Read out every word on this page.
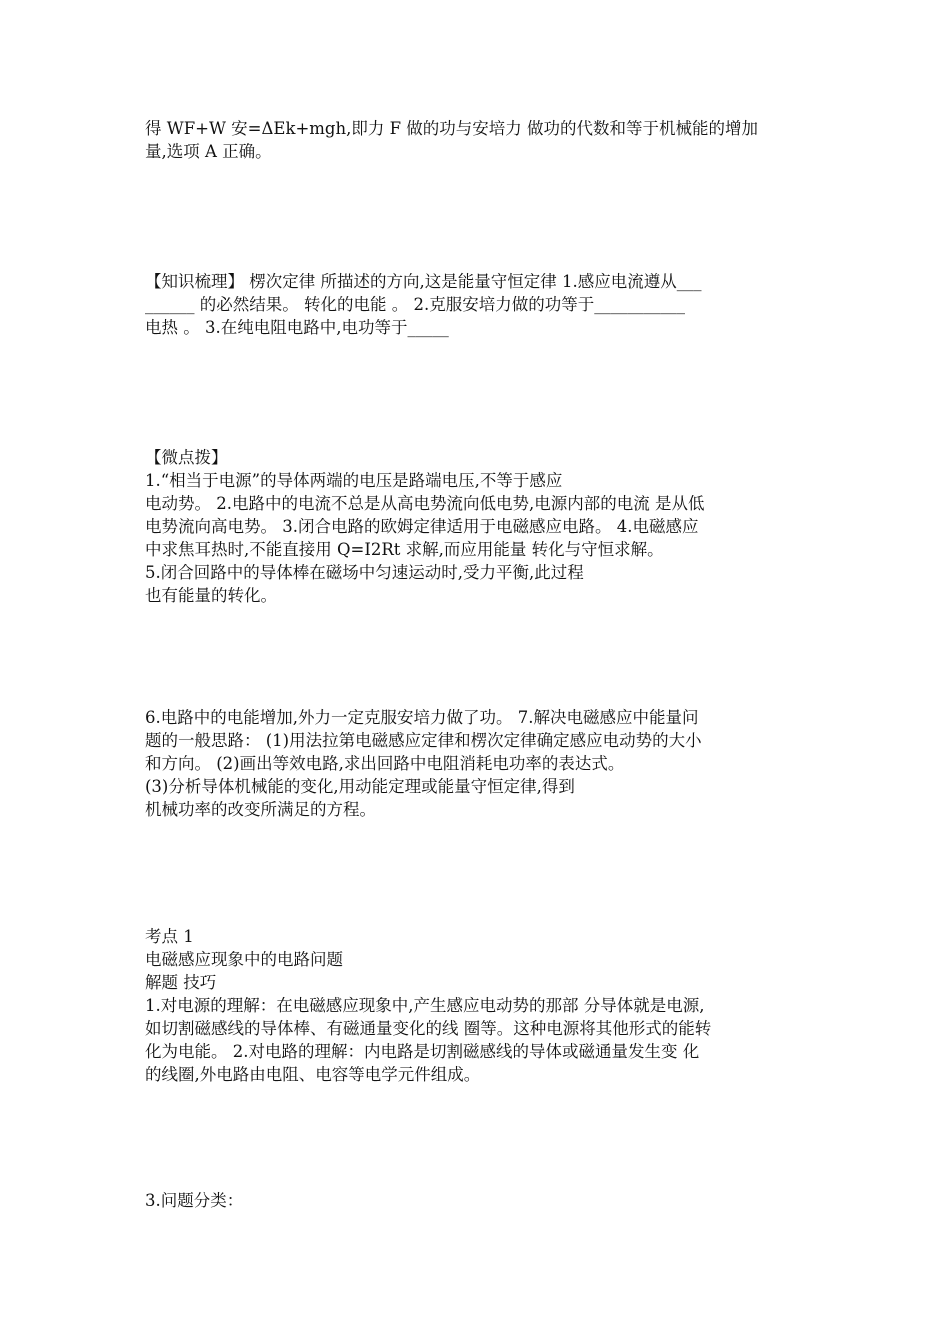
得 WF+W 安=ΔEk+mgh,即力 F 做的功与安培力 做功的代数和等于机械能的增加
量,选项 A 正确。
【知识梳理】 楞次定律 所描述的方向,这是能量守恒定律 1.感应电流遵从___
______ 的必然结果。 转化的电能 。 2.克服安培力做的功等于___________
电热 。 3.在纯电阻电路中,电功等于_____
【微点拨】
1.“相当于电源”的导体两端的电压是路端电压,不等于感应
电动势。 2.电路中的电流不总是从高电势流向低电势,电源内部的电流 是从低
电势流向高电势。 3.闭合电路的欧姆定律适用于电磁感应电路。 4.电磁感应
中求焦耳热时,不能直接用 Q=I2Rt 求解,而应用能量 转化与守恒求解。
5.闭合回路中的导体棒在磁场中匀速运动时,受力平衡,此过程
也有能量的转化。
6.电路中的电能增加,外力一定克服安培力做了功。 7.解决电磁感应中能量问
题的一般思路： (1)用法拉第电磁感应定律和楞次定律确定感应电动势的大小
和方向。 (2)画出等效电路,求出回路中电阻消耗电功率的表达式。
(3)分析导体机械能的变化,用动能定理或能量守恒定律,得到
机械功率的改变所满足的方程。
考点 1
电磁感应现象中的电路问题
解题 技巧
1.对电源的理解：在电磁感应现象中,产生感应电动势的那部 分导体就是电源,
如切割磁感线的导体棒、有磁通量变化的线 圈等。这种电源将其他形式的能转
化为电能。 2.对电路的理解：内电路是切割磁感线的导体或磁通量发生变 化
的线圈,外电路由电阻、电容等电学元件组成。
3.问题分类：
